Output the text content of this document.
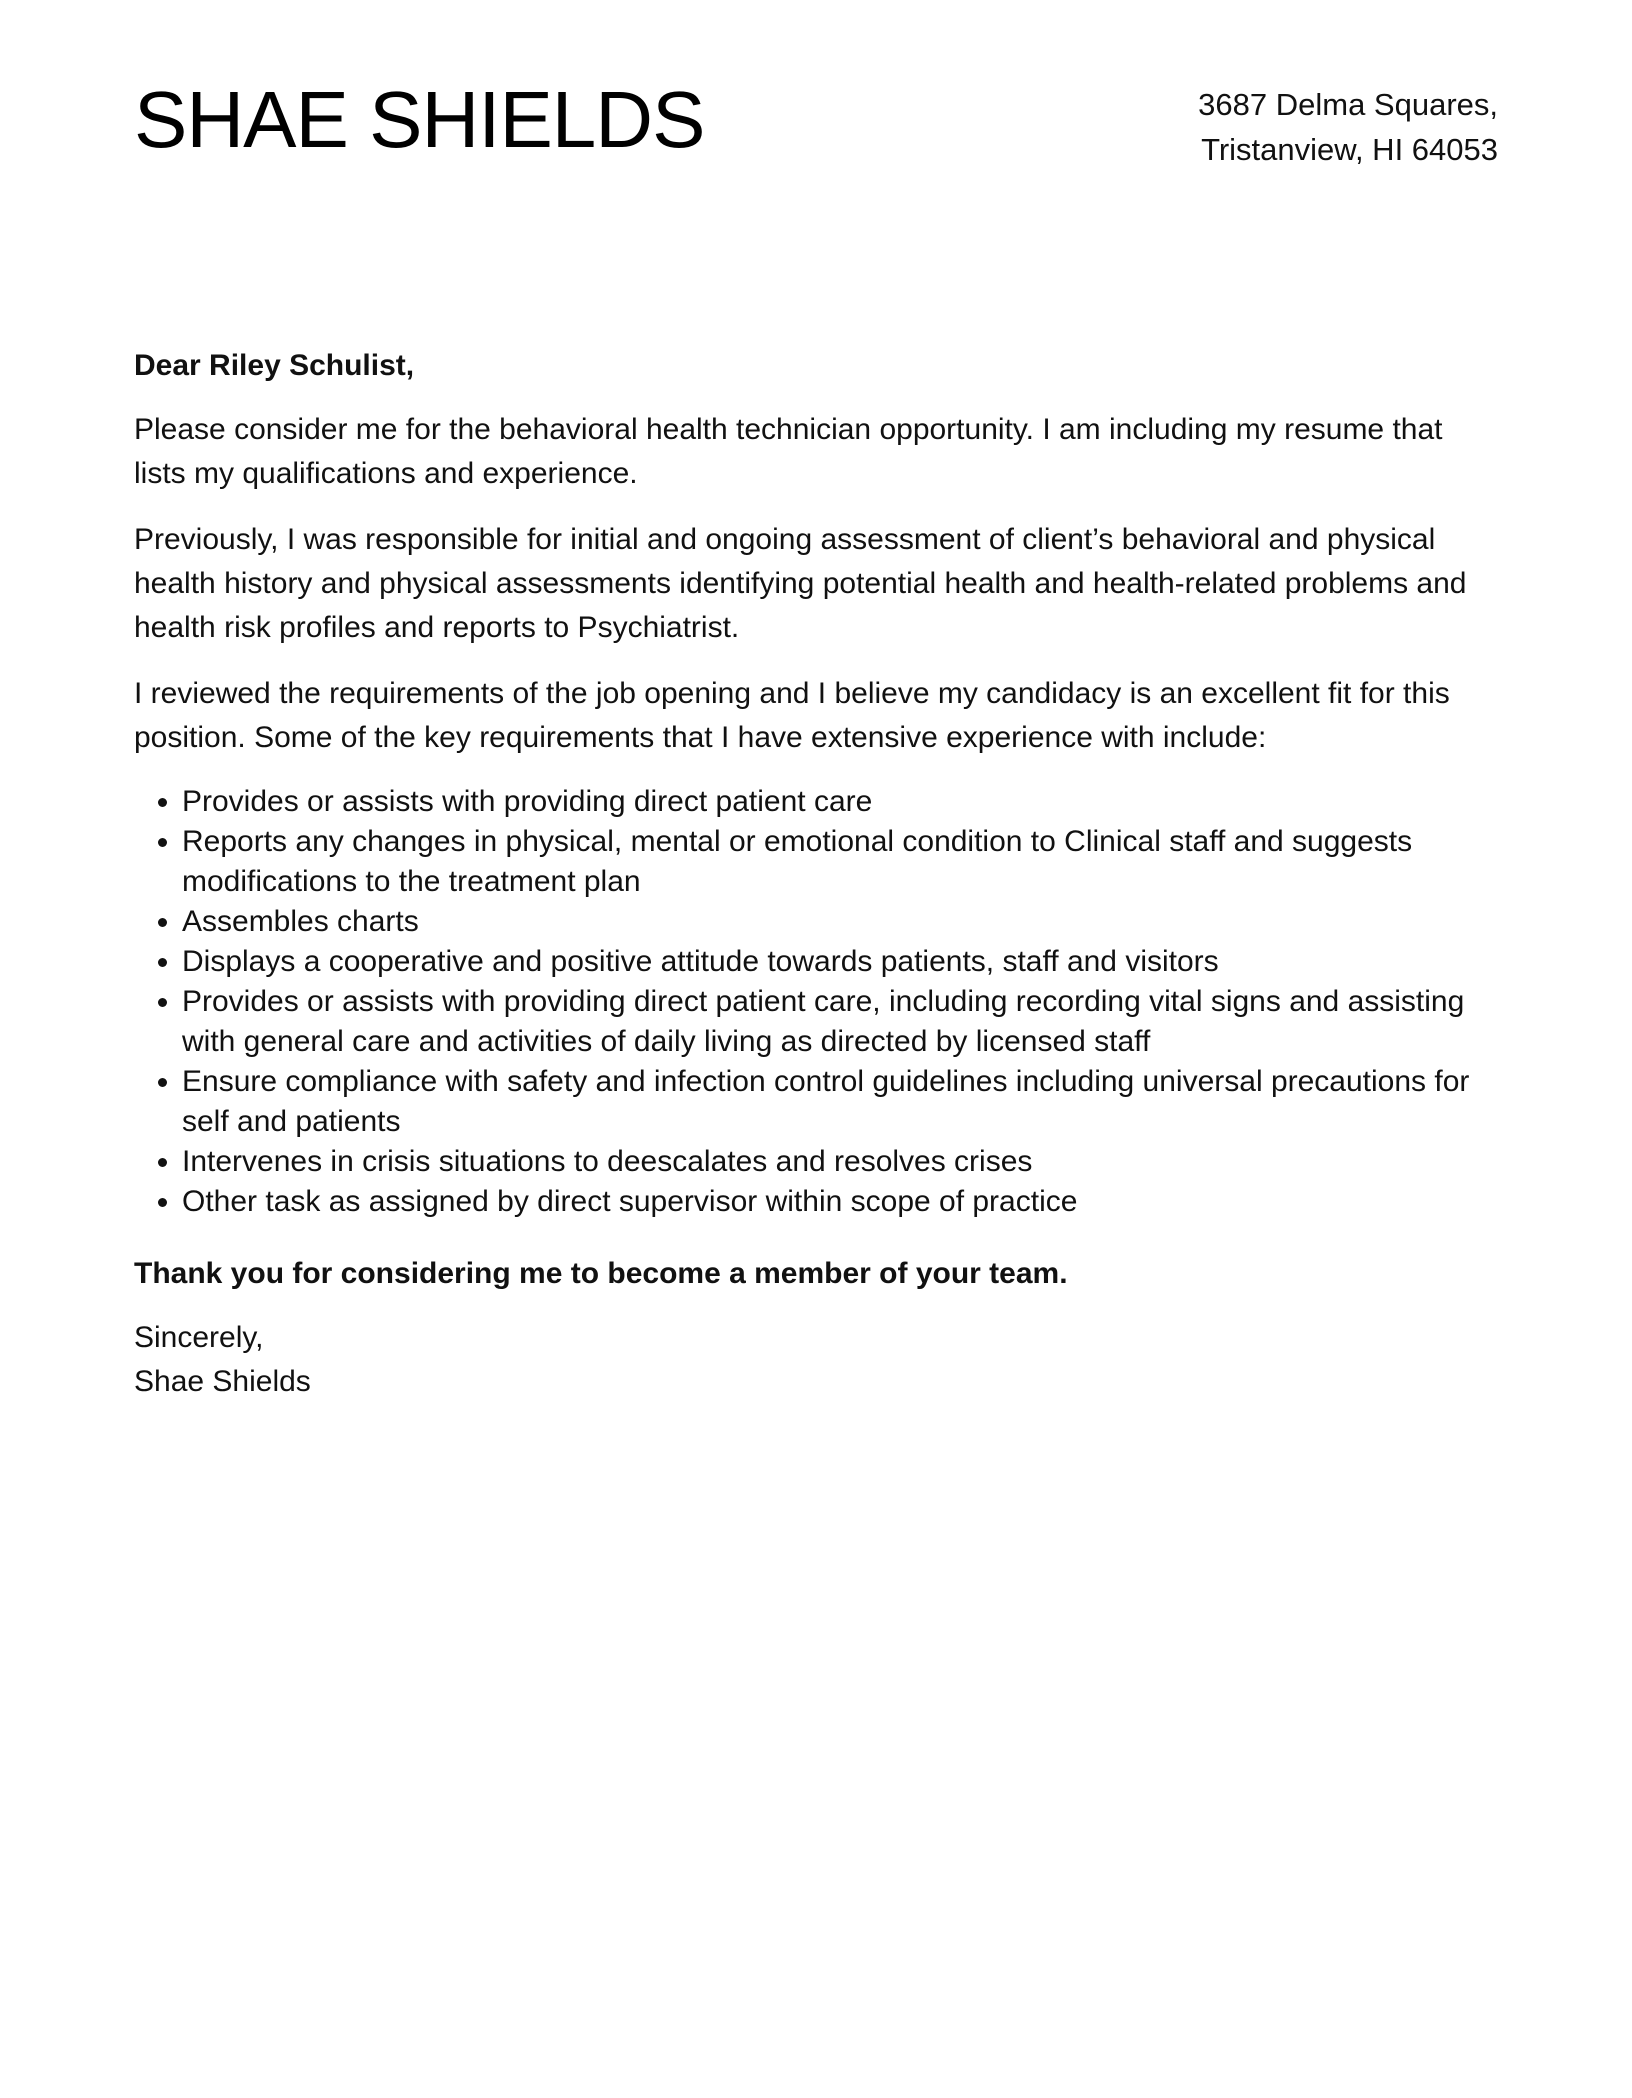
SHAE SHIELDS	3687 Delma Squares,
Tristanview, HI 64053

Dear Riley Schulist,

Please consider me for the behavioral health technician opportunity. I am including my resume that lists my qualifications and experience.

Previously, I was responsible for initial and ongoing assessment of client’s behavioral and physical health history and physical assessments identifying potential health and health-related problems and health risk profiles and reports to Psychiatrist.

I reviewed the requirements of the job opening and I believe my candidacy is an excellent fit for this position. Some of the key requirements that I have extensive experience with include:

• Provides or assists with providing direct patient care
• Reports any changes in physical, mental or emotional condition to Clinical staff and suggests modifications to the treatment plan
• Assembles charts
• Displays a cooperative and positive attitude towards patients, staff and visitors
• Provides or assists with providing direct patient care, including recording vital signs and assisting with general care and activities of daily living as directed by licensed staff
• Ensure compliance with safety and infection control guidelines including universal precautions for self and patients
• Intervenes in crisis situations to deescalates and resolves crises
• Other task as assigned by direct supervisor within scope of practice

Thank you for considering me to become a member of your team.

Sincerely,

Shae Shields
